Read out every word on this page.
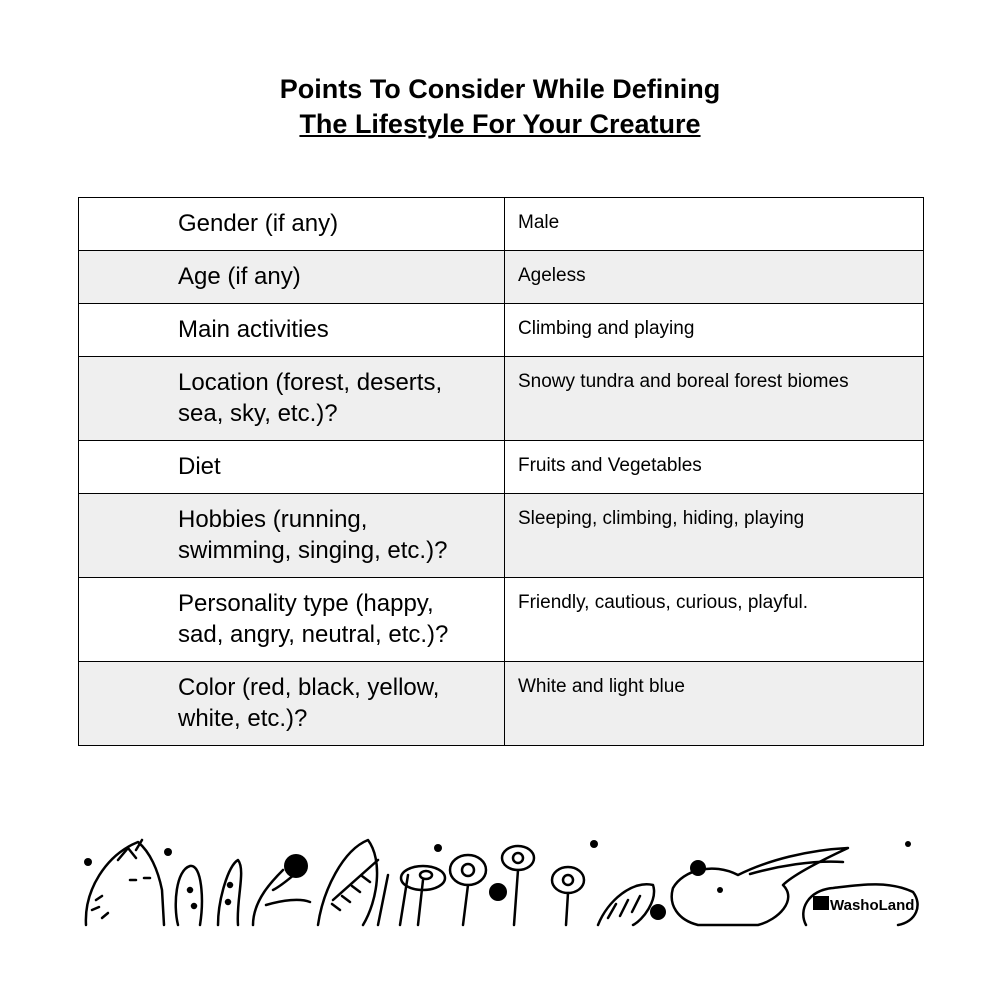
Points To Consider While Defining
The Lifestyle For Your Creature
Gender (if any)	Male
Age (if any)	Ageless
Main activities	Climbing and playing
Location (forest, deserts, sea, sky, etc.)?	Snowy tundra and boreal forest biomes
Diet	Fruits and Vegetables
Hobbies (running, swimming, singing, etc.)?	Sleeping, climbing, hiding, playing
Personality type (happy, sad, angry, neutral, etc.)?	Friendly, cautious, curious, playful.
Color (red, black, yellow, white, etc.)?	White and light blue
WashoLand
